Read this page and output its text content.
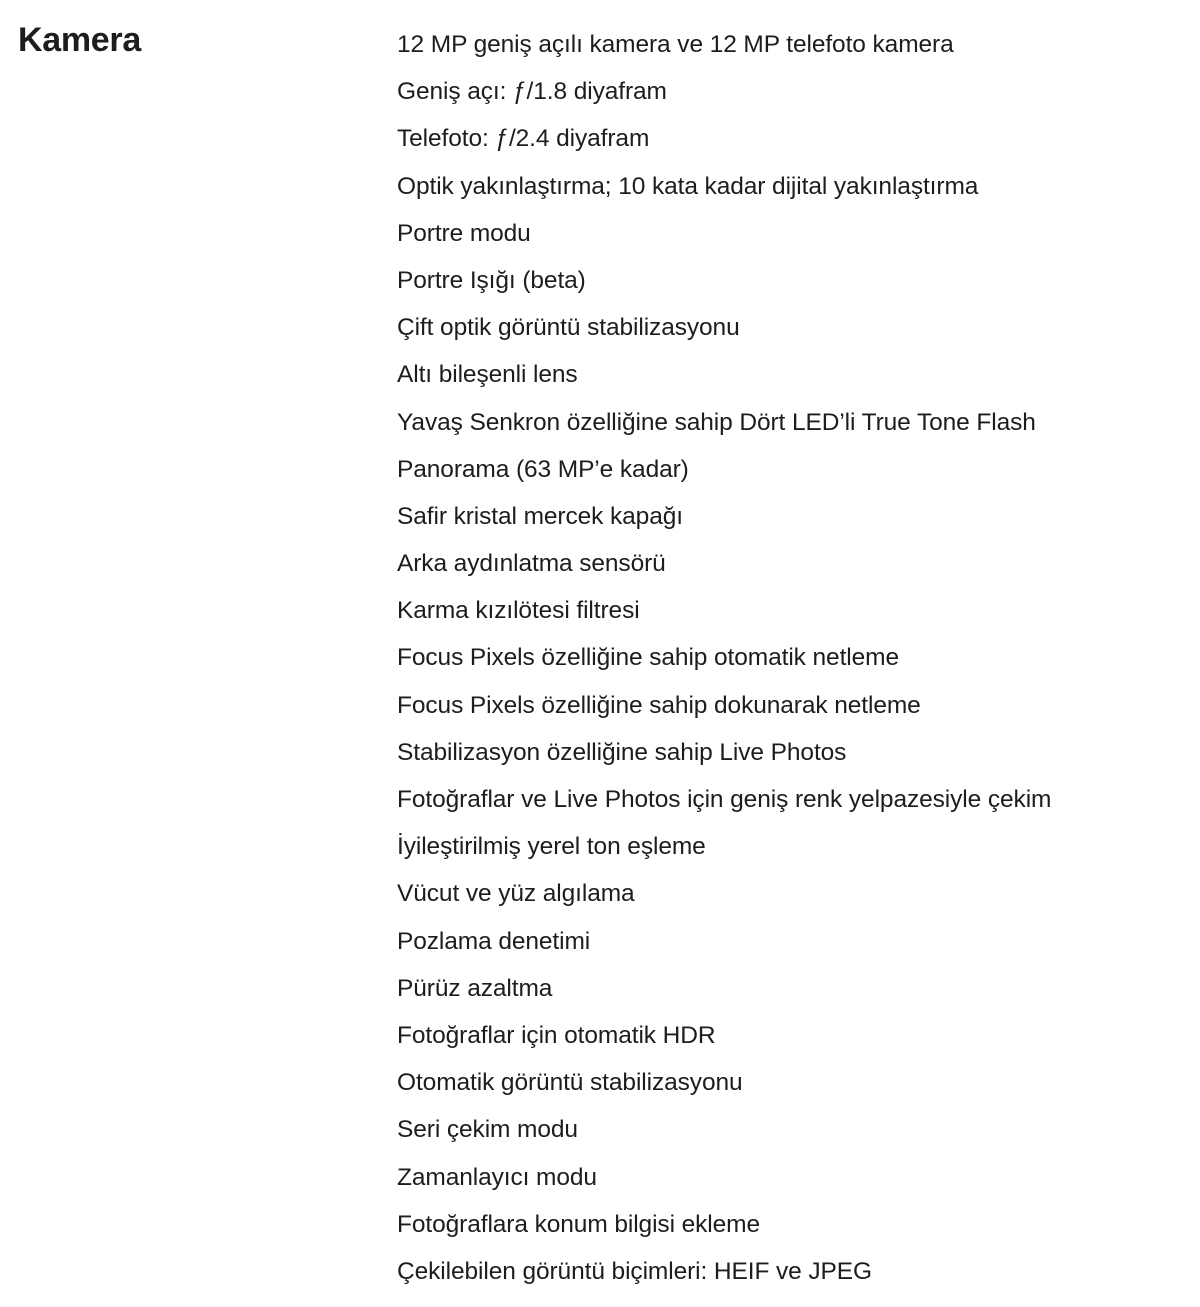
Kamera	12 MP geniş açılı kamera ve 12 MP telefoto kamera
Geniş açı: ƒ/1.8 diyafram
Telefoto: ƒ/2.4 diyafram
Optik yakınlaştırma; 10 kata kadar dijital yakınlaştırma
Portre modu
Portre Işığı (beta)
Çift optik görüntü stabilizasyonu
Altı bileşenli lens
Yavaş Senkron özelliğine sahip Dört LED’li True Tone Flash
Panorama (63 MP’e kadar)
Safir kristal mercek kapağı
Arka aydınlatma sensörü
Karma kızılötesi filtresi
Focus Pixels özelliğine sahip otomatik netleme
Focus Pixels özelliğine sahip dokunarak netleme
Stabilizasyon özelliğine sahip Live Photos
Fotoğraflar ve Live Photos için geniş renk yelpazesiyle çekim
İyileştirilmiş yerel ton eşleme
Vücut ve yüz algılama
Pozlama denetimi
Pürüz azaltma
Fotoğraflar için otomatik HDR
Otomatik görüntü stabilizasyonu
Seri çekim modu
Zamanlayıcı modu
Fotoğraflara konum bilgisi ekleme
Çekilebilen görüntü biçimleri: HEIF ve JPEG
